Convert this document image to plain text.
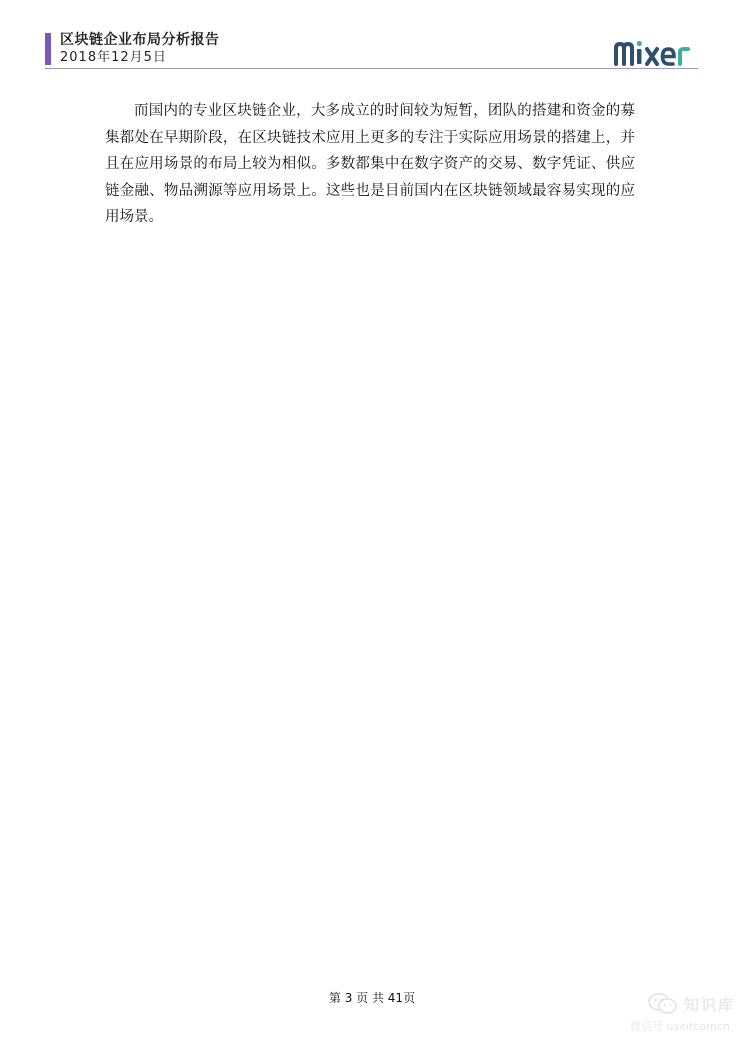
区块链企业布局分析报告
2018年12月5日
而国内的专业区块链企业，大多成立的时间较为短暂，团队的搭建和资金的募集都处在早期阶段，在区块链技术应用上更多的专注于实际应用场景的搭建上，并且在应用场景的布局上较为相似。多数都集中在数字资产的交易、数字凭证、供应链金融、物品溯源等应用场景上。这些也是目前国内在区块链领域最容易实现的应用场景。
第 3 页 共 41页	知识库
微信号 useitcomcn
